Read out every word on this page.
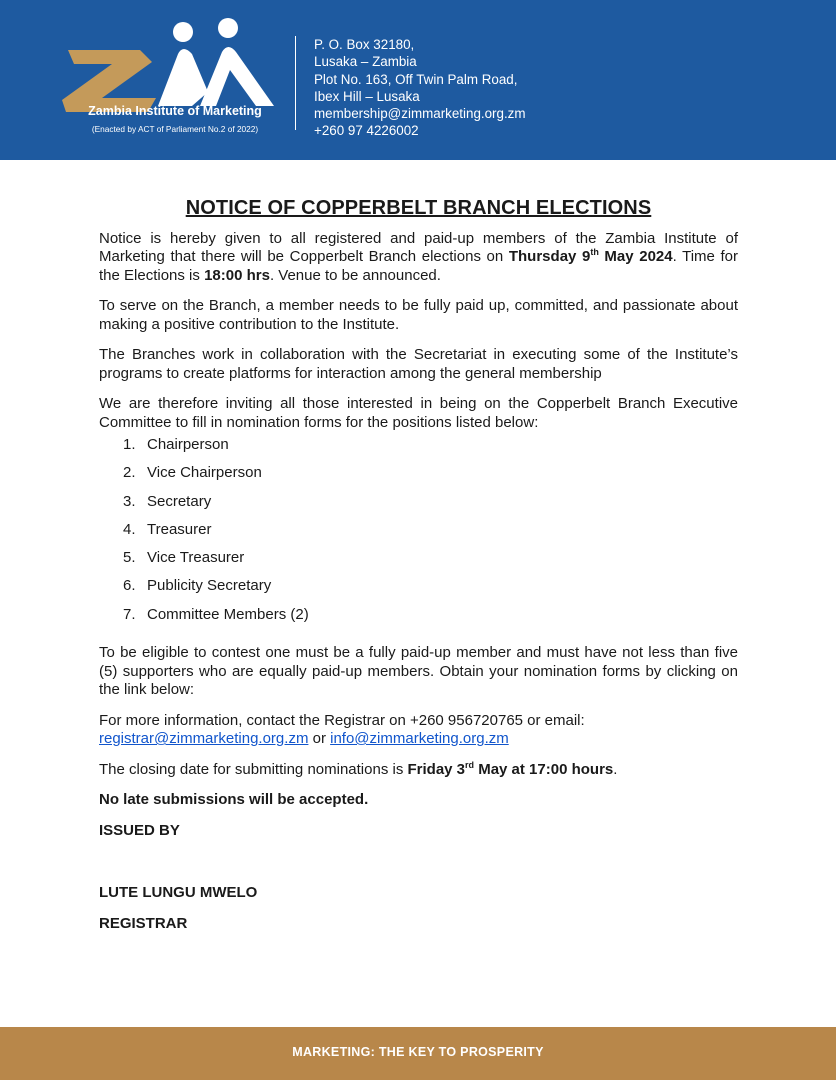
Zambia Institute of Marketing
(Enacted by ACT of Parliament No.2 of 2022)
P. O. Box 32180,
Lusaka – Zambia
Plot No. 163, Off Twin Palm Road,
Ibex Hill – Lusaka
membership@zimmarketing.org.zm
+260 97 4226002
NOTICE OF COPPERBELT BRANCH ELECTIONS
Notice is hereby given to all registered and paid-up members of the Zambia Institute of Marketing that there will be Copperbelt Branch elections on Thursday 9th May 2024. Time for the Elections is 18:00 hrs. Venue to be announced.
To serve on the Branch, a member needs to be fully paid up, committed, and passionate about making a positive contribution to the Institute.
The Branches work in collaboration with the Secretariat in executing some of the Institute’s programs to create platforms for interaction among the general membership
We are therefore inviting all those interested in being on the Copperbelt Branch Executive Committee to fill in nomination forms for the positions listed below:
1. Chairperson
2. Vice Chairperson
3. Secretary
4. Treasurer
5. Vice Treasurer
6. Publicity Secretary
7. Committee Members (2)
To be eligible to contest one must be a fully paid-up member and must have not less than five (5) supporters who are equally paid-up members. Obtain your nomination forms by clicking on the link below:
For more information, contact the Registrar on +260 956720765 or email:
registrar@zimmarketing.org.zm or info@zimmarketing.org.zm
The closing date for submitting nominations is Friday 3rd May at 17:00 hours.
No late submissions will be accepted.
ISSUED BY
LUTE LUNGU MWELO
REGISTRAR
MARKETING: THE KEY TO PROSPERITY
